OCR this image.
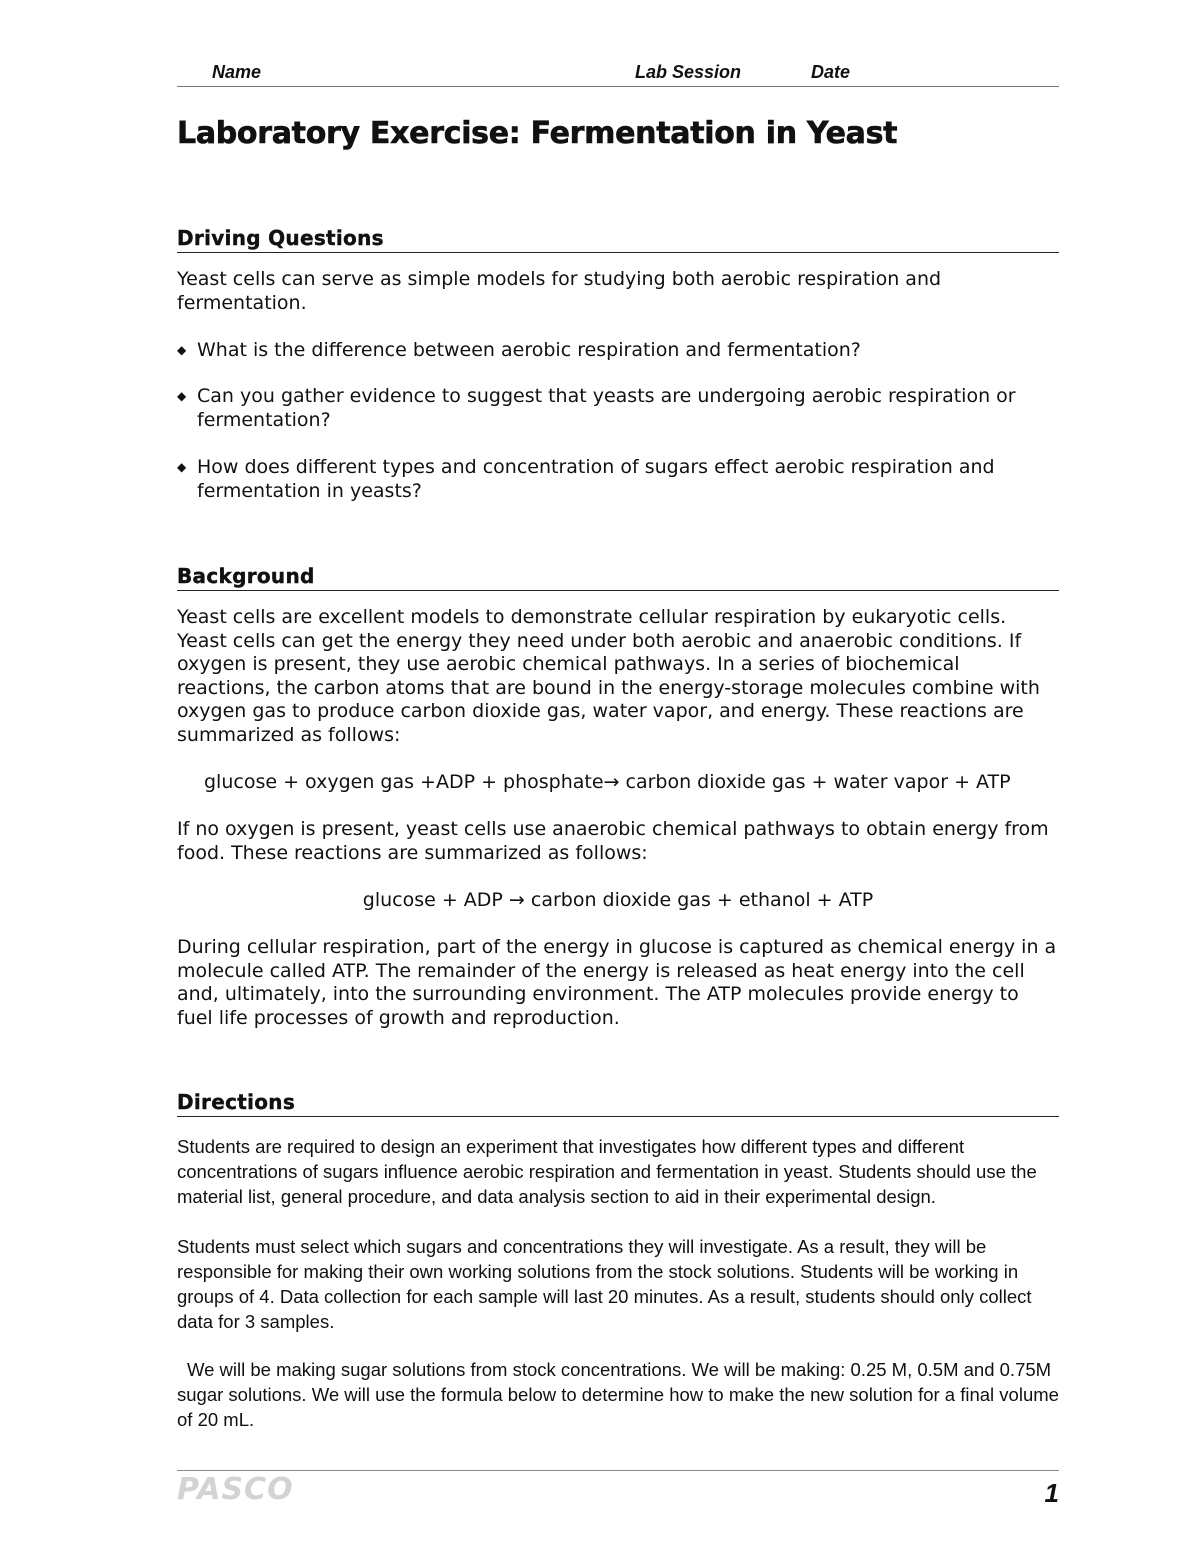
Name	Lab Session	Date
Laboratory Exercise: Fermentation in Yeast
Driving Questions

Yeast cells can serve as simple models for studying both aerobic respiration and fermentation.

◆ What is the difference between aerobic respiration and fermentation?
◆ Can you gather evidence to suggest that yeasts are undergoing aerobic respiration or fermentation?
◆ How does different types and concentration of sugars effect aerobic respiration and fermentation in yeasts?
Background

Yeast cells are excellent models to demonstrate cellular respiration by eukaryotic cells. Yeast cells can get the energy they need under both aerobic and anaerobic conditions. If oxygen is present, they use aerobic chemical pathways. In a series of biochemical reactions, the carbon atoms that are bound in the energy-storage molecules combine with oxygen gas to produce carbon dioxide gas, water vapor, and energy. These reactions are summarized as follows:

glucose + oxygen gas +ADP + phosphate→ carbon dioxide gas + water vapor + ATP

If no oxygen is present, yeast cells use anaerobic chemical pathways to obtain energy from food. These reactions are summarized as follows:

glucose + ADP → carbon dioxide gas + ethanol + ATP

During cellular respiration, part of the energy in glucose is captured as chemical energy in a molecule called ATP. The remainder of the energy is released as heat energy into the cell and, ultimately, into the surrounding environment. The ATP molecules provide energy to fuel life processes of growth and reproduction.

Directions

Students are required to design an experiment that investigates how different types and different concentrations of sugars influence aerobic respiration and fermentation in yeast. Students should use the material list, general procedure, and data analysis section to aid in their experimental design.

Students must select which sugars and concentrations they will investigate. As a result, they will be responsible for making their own working solutions from the stock solutions. Students will be working in groups of 4. Data collection for each sample will last 20 minutes. As a result, students should only collect data for 3 samples.

We will be making sugar solutions from stock concentrations. We will be making: 0.25 M, 0.5M and 0.75M sugar solutions. We will use the formula below to determine how to make the new solution for a final volume of 20 mL.

PASCO	1
